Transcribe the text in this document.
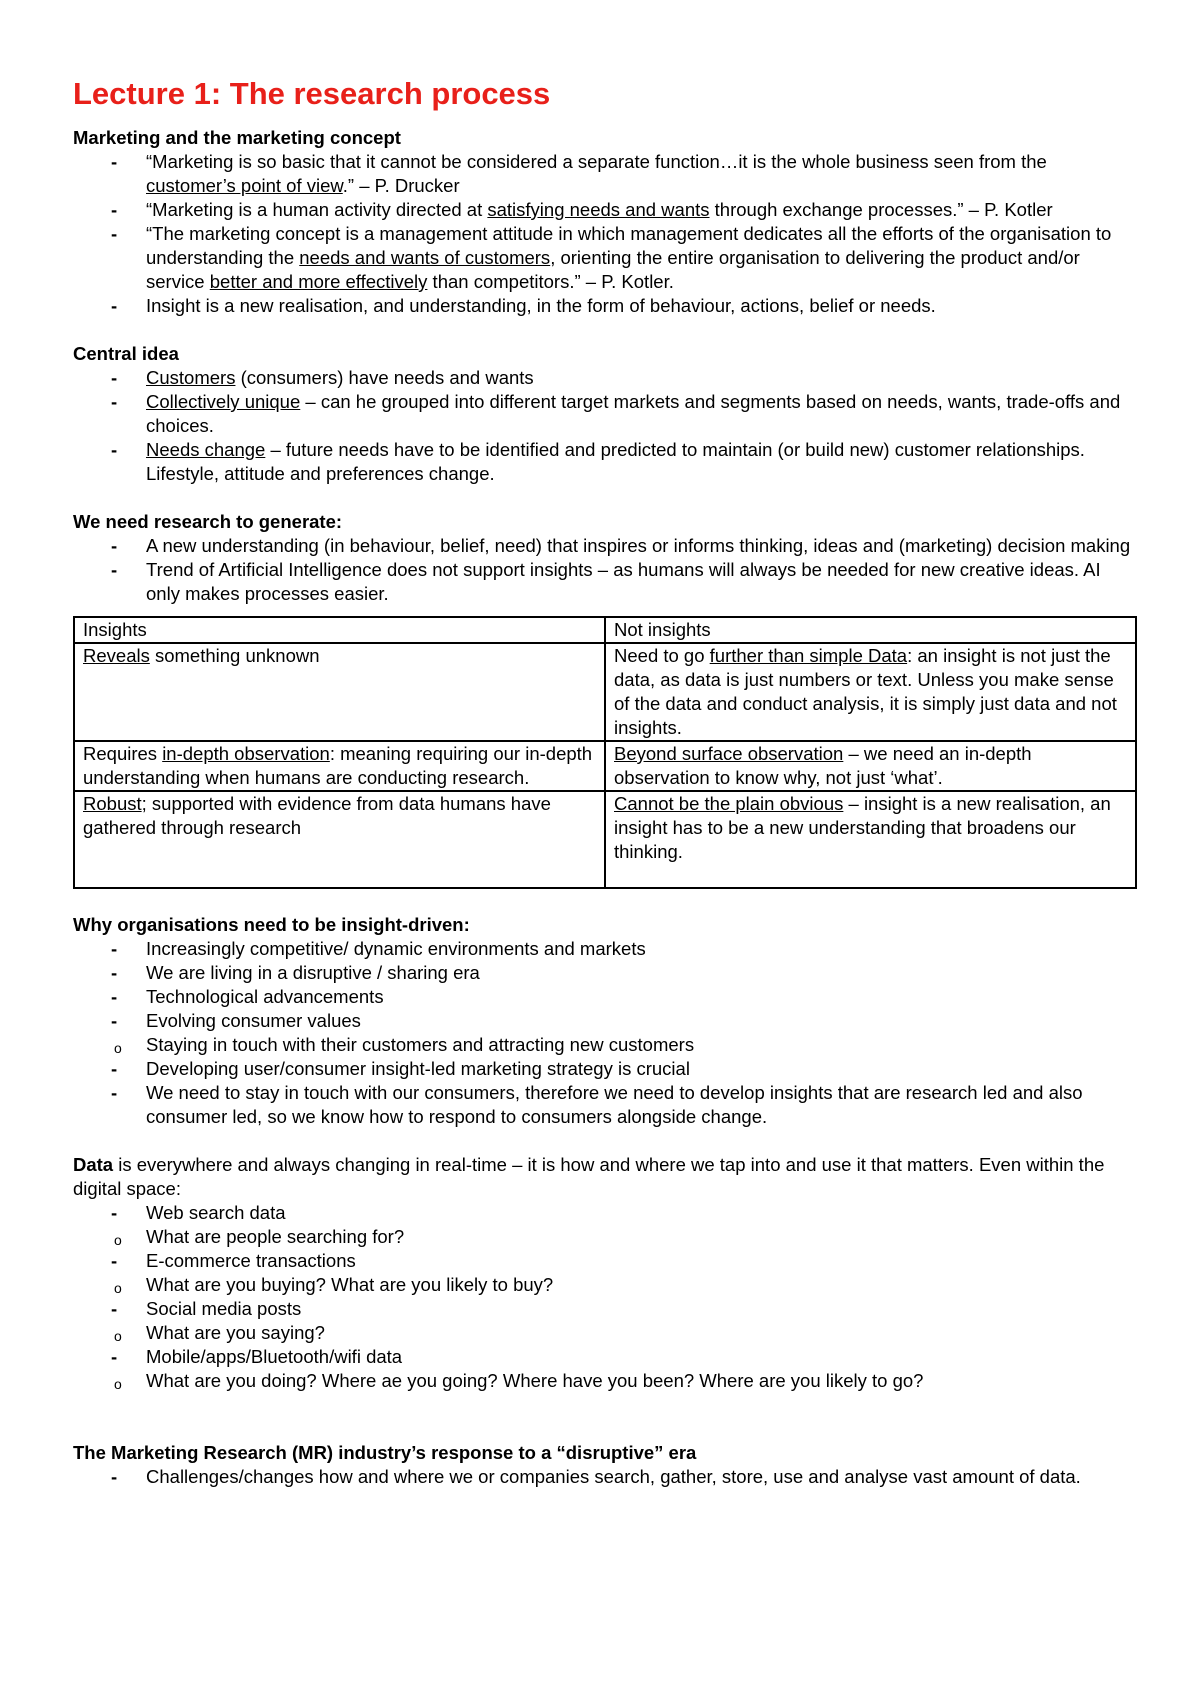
Lecture 1: The research process

Marketing and the marketing concept

- “Marketing is so basic that it cannot be considered a separate function…it is the whole business seen from the customer’s point of view.” – P. Drucker
- “Marketing is a human activity directed at satisfying needs and wants through exchange processes.” – P. Kotler
- “The marketing concept is a management attitude in which management dedicates all the efforts of the organisation to understanding the needs and wants of customers, orienting the entire organisation to delivering the product and/or service better and more effectively than competitors.” – P. Kotler.
- Insight is a new realisation, and understanding, in the form of behaviour, actions, belief or needs.

Central idea

- Customers (consumers) have needs and wants
- Collectively unique – can he grouped into different target markets and segments based on needs, wants, trade-offs and choices.
- Needs change – future needs have to be identified and predicted to maintain (or build new) customer relationships. Lifestyle, attitude and preferences change.

We need research to generate:

- A new understanding (in behaviour, belief, need) that inspires or informs thinking, ideas and (marketing) decision making
- Trend of Artificial Intelligence does not support insights – as humans will always be needed for new creative ideas. AI only makes processes easier.
Insights	Not insights
Reveals something unknown	Need to go further than simple Data: an insight is not just the data, as data is just numbers or text. Unless you make sense of the data and conduct analysis, it is simply just data and not insights.
Requires in-depth observation: meaning requiring our in-depth understanding when humans are conducting research.	Beyond surface observation – we need an in-depth observation to know why, not just ‘what’.
Robust; supported with evidence from data humans have gathered through research	Cannot be the plain obvious – insight is a new realisation, an insight has to be a new understanding that broadens our thinking.

Why organisations need to be insight-driven:

- Increasingly competitive/ dynamic environments and markets
- We are living in a disruptive / sharing era
- Technological advancements
- Evolving consumer values
o Staying in touch with their customers and attracting new customers
- Developing user/consumer insight-led marketing strategy is crucial
- We need to stay in touch with our consumers, therefore we need to develop insights that are research led and also consumer led, so we know how to respond to consumers alongside change.

Data is everywhere and always changing in real-time – it is how and where we tap into and use it that matters. Even within the digital space:

- Web search data
o What are people searching for?
- E-commerce transactions
o What are you buying? What are you likely to buy?
- Social media posts
o What are you saying?
- Mobile/apps/Bluetooth/wifi data
o What are you doing? Where ae you going? Where have you been? Where are you likely to go?

The Marketing Research (MR) industry’s response to a “disruptive” era

- Challenges/changes how and where we or companies search, gather, store, use and analyse vast amount of data.
